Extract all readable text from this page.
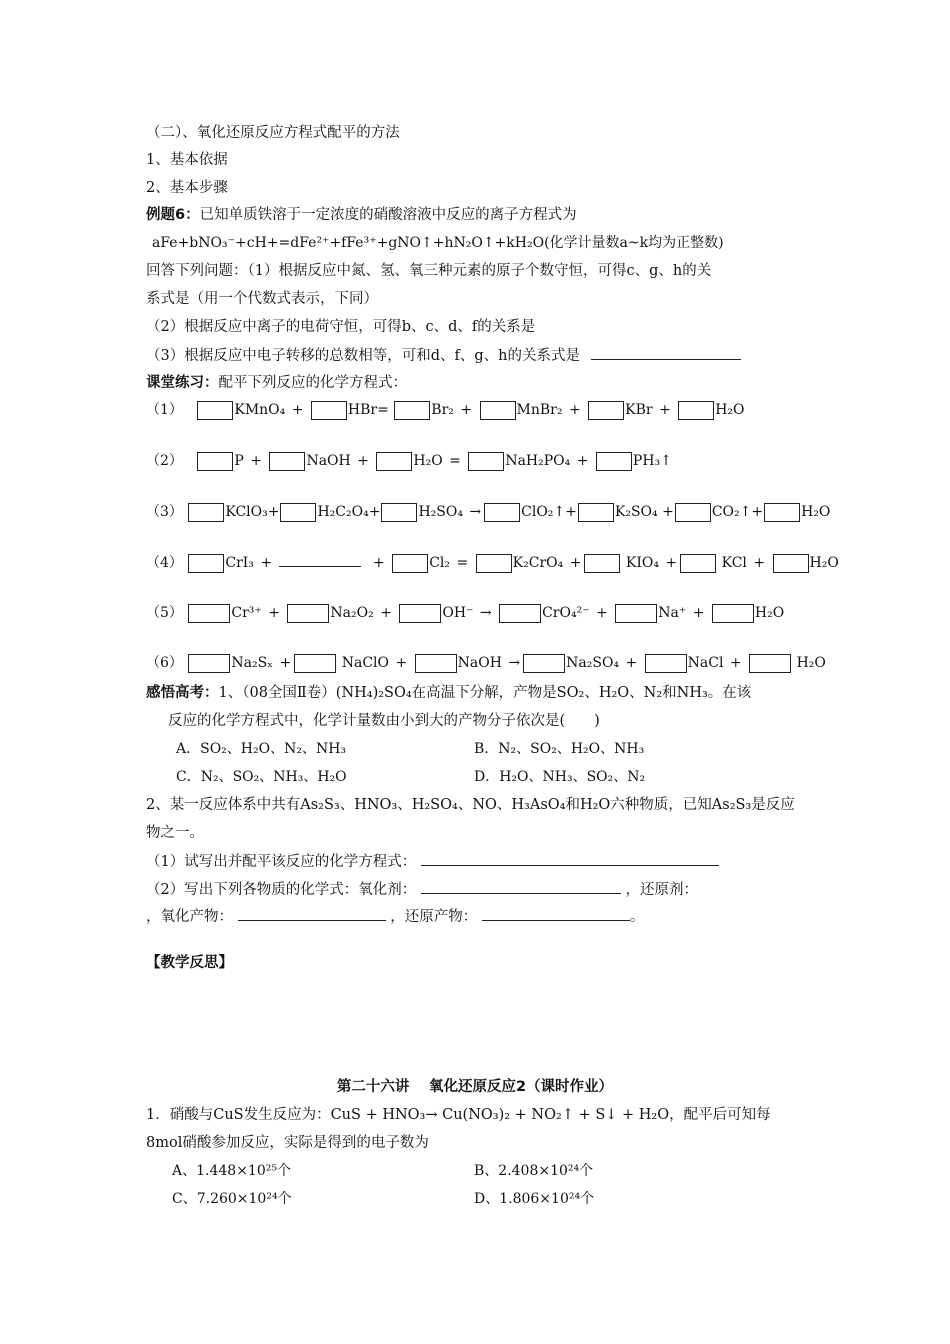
（二）、氧化还原反应方程式配平的方法
1、基本依据
2、基本步骤
例题6：已知单质铁溶于一定浓度的硝酸溶液中反应的离子方程式为
aFe+bNO₃⁻+cH+=dFe²⁺+fFe³⁺+gNO↑+hN₂O↑+kH₂O(化学计量数a~k均为正整数)
回答下列问题：（1）根据反应中氮、氢、氧三种元素的原子个数守恒，可得c、g、h的关
系式是（用一个代数式表示，下同）
（2）根据反应中离子的电荷守恒，可得b、c、d、f的关系是
（3）根据反应中电子转移的总数相等，可和d、f、g、h的关系式是
课堂练习：配平下列反应的化学方程式：
（1）	KMnO₄ +	HBr=	Br₂ +	MnBr₂ +	KBr +	H₂O
（2）	P +	NaOH +	H₂O =	NaH₂PO₄ +	PH₃↑
（3）	KClO₃+	H₂C₂O₄+	H₂SO₄ →	ClO₂↑+	K₂SO₄ +	CO₂↑+	H₂O
（4）	CrI₃ +	+	Cl₂ =	K₂CrO₄ +	KIO₄ +	KCl +	H₂O
（5）	Cr³⁺ +	Na₂O₂ +	OH⁻ →	CrO₄²⁻ +	Na⁺ +	H₂O
（6）	Na₂Sₓ +	NaClO +	NaOH →	Na₂SO₄ +	NaCl +	H₂O
感悟高考：1、（08全国Ⅱ卷）(NH₄)₂SO₄在高温下分解，产物是SO₂、H₂O、N₂和NH₃。在该
反应的化学方程式中，化学计量数由小到大的产物分子依次是(　　)
A．SO₂、H₂O、N₂、NH₃	B．N₂、SO₂、H₂O、NH₃
C．N₂、SO₂、NH₃、H₂O	D．H₂O、NH₃、SO₂、N₂
2、某一反应体系中共有As₂S₃、HNO₃、H₂SO₄、NO、H₃AsO₄和H₂O六种物质，已知As₂S₃是反应
物之一。
（1）试写出并配平该反应的化学方程式：
（2）写出下列各物质的化学式：氧化剂：	，还原剂：
，氧化产物：	，还原产物：	。
【教学反思】
第二十六讲　 氧化还原反应2（课时作业）
1．硝酸与CuS发生反应为：CuS + HNO₃→ Cu(NO₃)₂ + NO₂↑ + S↓ + H₂O，配平后可知每
8mol硝酸参加反应，实际是得到的电子数为
A、1.448×10²⁵个	B、2.408×10²⁴个
C、7.260×10²⁴个	D、1.806×10²⁴个
